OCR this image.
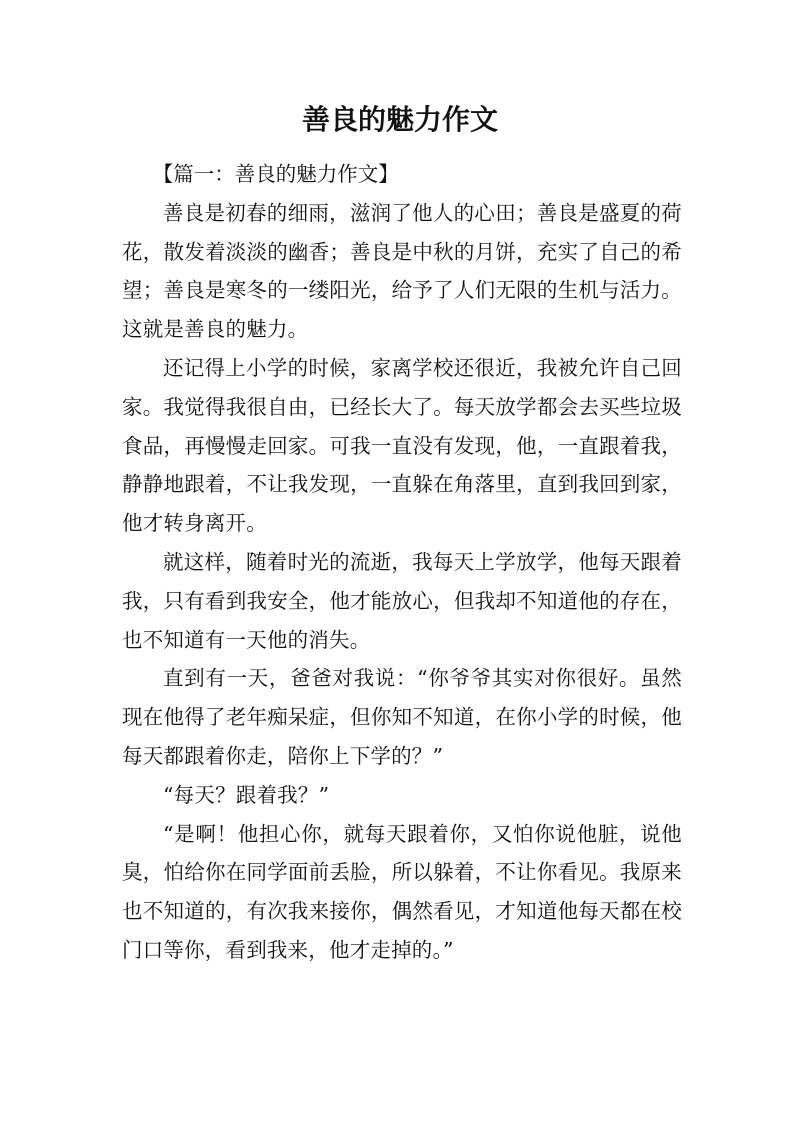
善良的魅力作文

【篇一：善良的魅力作文】

善良是初春的细雨，滋润了他人的心田；善良是盛夏的荷花，散发着淡淡的幽香；善良是中秋的月饼，充实了自己的希望；善良是寒冬的一缕阳光，给予了人们无限的生机与活力。这就是善良的魅力。

还记得上小学的时候，家离学校还很近，我被允许自己回家。我觉得我很自由，已经长大了。每天放学都会去买些垃圾食品，再慢慢走回家。可我一直没有发现，他，一直跟着我，静静地跟着，不让我发现，一直躲在角落里，直到我回到家，他才转身离开。

就这样，随着时光的流逝，我每天上学放学，他每天跟着我，只有看到我安全，他才能放心，但我却不知道他的存在，也不知道有一天他的消失。

直到有一天，爸爸对我说：“你爷爷其实对你很好。虽然现在他得了老年痴呆症，但你知不知道，在你小学的时候，他每天都跟着你走，陪你上下学的？”

“每天？跟着我？”

“是啊！他担心你，就每天跟着你，又怕你说他脏，说他臭，怕给你在同学面前丢脸，所以躲着，不让你看见。我原来也不知道的，有次我来接你，偶然看见，才知道他每天都在校门口等你，看到我来，他才走掉的。”
